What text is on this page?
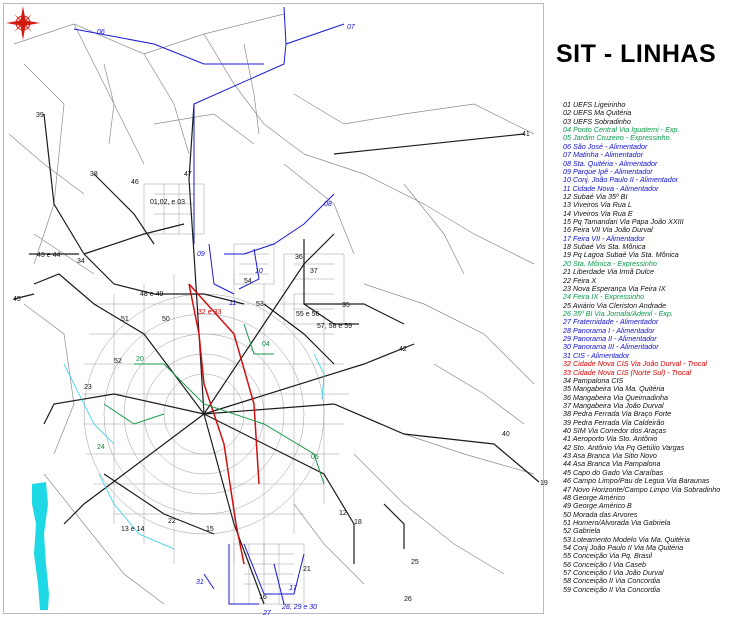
06
07
39
41
38
46
47
01,02, e 03	08
43 e 44
34
45
09	36
37
10
54
48 e 49
11	53	35
32 e 33	55 e 56
51	50
57, 58 e 59
42
52 20
04
23
24
40
05
19
22	18
12
13 e 14	15
25
21
31
17
16
28, 29 e 30
27
26
SIT - LINHAS
01 UEFS Ligeirinho
02 UEFS Ma Quitéria
03 UEFS Sobradinho
04 Ponto Central Via Iguatemi - Exp.
05 Jardim Cruzeiro - Expressinho.
06 São José - Alimentador
07 Matinha - Alimentador
08 Sta. Quitéria - Alimentador
09 Parque Ipê - Alimentador
10 Conj. João Paulo II - Alimentador
11 Cidade Nova - Alimentador
12 Subaé Via 35º BI
13 Viveiros Via Rua L
14 Viveiros Via Rua E
15 Pq Tamandari Via Papa João XXIII
16 Feira VII Via João Durval
17 Feira VII - Alimentador
18 Subaé Vis Sta. Mônica
19 Pq Lagoa Subaé Via Sta. Mônica
20 Sta. Mônica - Expressinho
21 Liberdade Via Irmã Dulce
22 Feira X
23 Nova Esperança Via Feira IX
24 Feira IX - Expressinho
25 Aviário Via Cleriston Andrade
26 35º BI Via Jomafa/Adenil - Exp.
27 Fraternidade - Alimentador
28 Panorama I - Alimentador
29 Panorama II - Alimentador
30 Panorama III - Alimentador
31 CIS - Alimentador
32 Cidade Nova CIS Via João Durval - Trocal
33 Cidade Nova CIS (Norte Sul) - Trocal
34 Pampalona CIS
35 Mangabeira Via Ma. Quitéria
36 Mangabeira Via Queimadinha
37 Mangabeira Via João Durval
38 Pedra Ferrada Via Braço Forte
39 Pedra Ferrada Via Caldeirão
40 SIM Via Corredor dos Araças
41 Aeroporto Via Sto. Antônio
42 Sto. Antônio Via Pq Getúlio Vargas
43 Asa Branca Via Sitio Novo
44 Asa Branca Via Pampalona
45 Capo do Gado Via Caraíbas
46 Campo Limpo/Pau de Legua Via Baraunas
47 Novo Horizonte/Campo Limpo Via Sobradinho
48 George Américo
49 George Américo B
50 Morada das Arvores
51 Homero/Alvorada Via Gabriela
52 Gabriela
53 Loteamento Modelo Via Ma. Quitéria
54 Conj João Paulo II Via Ma Quitéria
55 Conceição Via Pq. Brasil
56 Conceição I Via Caseb
57 Conceição I Via João Durval
58 Conceição II Via Concordia
59 Conceição II Via Concordia
